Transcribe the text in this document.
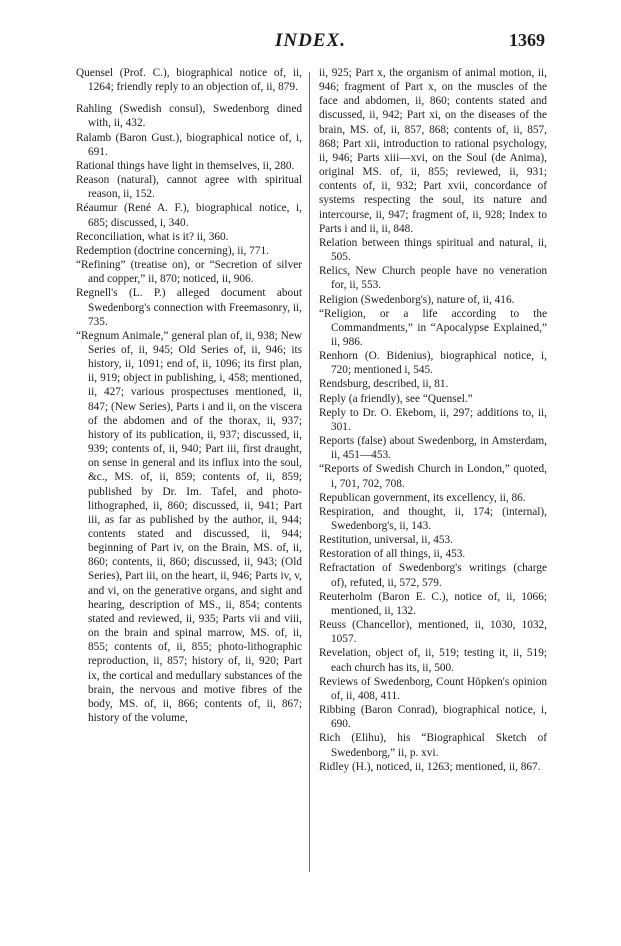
INDEX.	1369

Quensel (Prof. C.), biographical notice of, ii, 1264; friendly reply to an objection of, ii, 879.

Rahling (Swedish consul), Swedenborg dined with, ii, 432.

Ralamb (Baron Gust.), biographical notice of, i, 691.

Rational things have light in themselves, ii, 280.

Reason (natural), cannot agree with spiritual reason, ii, 152.

Réaumur (René A. F.), biographical notice, i, 685; discussed, i, 340.

Reconciliation, what is it? ii, 360.

Redemption (doctrine concerning), ii, 771.

“Refining” (treatise on), or “Secretion of silver and copper,” ii, 870; noticed, ii, 906.

Regnell's (L. P.) alleged document about Swedenborg's connection with Freemasonry, ii, 735.

“Regnum Animale,” general plan of, ii, 938; New Series of, ii, 945; Old Series of, ii, 946; its history, ii, 1091; end of, ii, 1096; its first plan, ii, 919; object in publishing, i, 458; mentioned, ii, 427; various prospectuses mentioned, ii, 847; (New Series), Parts i and ii, on the viscera of the abdomen and of the thorax, ii, 937; history of its publication, ii, 937; discussed, ii, 939; contents of, ii, 940; Part iii, first draught, on sense in general and its influx into the soul, &c., MS. of, ii, 859; contents of, ii, 859; published by Dr. Im. Tafel, and photo-lithographed, ii, 860; discussed, ii, 941; Part iii, as far as published by the author, ii, 944; contents stated and discussed, ii, 944; beginning of Part iv, on the Brain, MS. of, ii, 860; contents, ii, 860; discussed, ii, 943; (Old Series), Part iii, on the heart, ii, 946; Parts iv, v, and vi, on the generative organs, and sight and hearing, description of MS., ii, 854; contents stated and reviewed, ii, 935; Parts vii and viii, on the brain and spinal marrow, MS. of, ii, 855; contents of, ii, 855; photo-lithographic reproduction, ii, 857; history of, ii, 920; Part ix, the cortical and medullary substances of the brain, the nervous and motive fibres of the body, MS. of, ii, 866; contents of, ii, 867; history of the volume,

ii, 925; Part x, the organism of animal motion, ii, 946; fragment of Part x, on the muscles of the face and abdomen, ii, 860; contents stated and discussed, ii, 942; Part xi, on the diseases of the brain, MS. of, ii, 857, 868; contents of, ii, 857, 868; Part xii, introduction to rational psychology, ii, 946; Parts xiii—xvi, on the Soul (de Anima), original MS. of, ii, 855; reviewed, ii, 931; contents of, ii, 932; Part xvii, concordance of systems respecting the soul, its nature and intercourse, ii, 947; fragment of, ii, 928; Index to Parts i and ii, ii, 848.

Relation between things spiritual and natural, ii, 505.

Relics, New Church people have no veneration for, ii, 553.

Religion (Swedenborg's), nature of, ii, 416.

“Religion, or a life according to the Commandments,” in “Apocalypse Explained,” ii, 986.

Renhorn (O. Bidenius), biographical notice, i, 720; mentioned i, 545.

Rendsburg, described, ii, 81.

Reply (a friendly), see “Quensel.”

Reply to Dr. O. Ekebom, ii, 297; additions to, ii, 301.

Reports (false) about Swedenborg, in Amsterdam, ii, 451—453.

“Reports of Swedish Church in London,” quoted, i, 701, 702, 708.

Republican government, its excellency, ii, 86.

Respiration, and thought, ii, 174; (internal), Swedenborg's, ii, 143.

Restitution, universal, ii, 453.

Restoration of all things, ii, 453.

Refractation of Swedenborg's writings (charge of), refuted, ii, 572, 579.

Reuterholm (Baron E. C.), notice of, ii, 1066; mentioned, ii, 132.

Reuss (Chancellor), mentioned, ii, 1030, 1032, 1057.

Revelation, object of, ii, 519; testing it, ii, 519; each church has its, ii, 500.

Reviews of Swedenborg, Count Höpken's opinion of, ii, 408, 411.

Ribbing (Baron Conrad), biographical notice, i, 690.

Rich (Elihu), his “Biographical Sketch of Swedenborg,” ii, p. xvi.

Ridley (H.), noticed, ii, 1263; mentioned, ii, 867.
